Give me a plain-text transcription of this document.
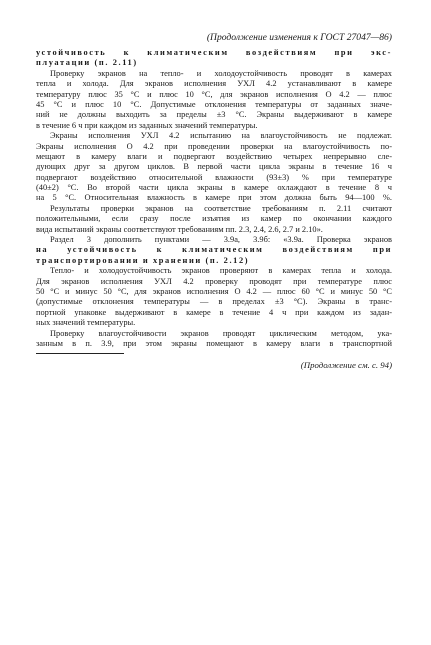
(Продолжение изменения к ГОСТ 27047—86)
устойчивость к климатическим воздействиям при экс-
плуатации (п. 2.11)
Проверку экранов на тепло- и холодоустойчивость проводят в камерах
тепла и холода. Для экранов исполнения УХЛ 4.2 устанавливают в камере
температуру плюс 35 °С и плюс 10 °С, для экранов исполнения О 4.2 — плюс
45 °С и плюс 10 °С. Допустимые отклонения температуры от заданных значе-
ний не должны выходить за пределы ±3 °С. Экраны выдерживают в камере
в течение 6 ч при каждом из заданных значений температуры.
Экраны исполнения УХЛ 4.2 испытанию на влагоустойчивость не подлежат.
Экраны исполнения О 4.2 при проведении проверки на влагоустойчивость по-
мещают в камеру влаги и подвергают воздействию четырех непрерывно сле-
дующих друг за другом циклов. В первой части цикла экраны в течение 16 ч
подвергают воздействию относительной влажности (93±3) % при температуре
(40±2) °С. Во второй части цикла экраны в камере охлаждают в течение 8 ч
на 5 °С. Относительная влажность в камере при этом должна быть 94—100 %.
Результаты проверки экранов на соответствие требованиям п. 2.11 считают
положительными, если сразу после изъятия из камер по окончании каждого
вида испытаний экраны соответствуют требованиям пп. 2.3, 2.4, 2.6, 2.7 и 2.10».
Раздел 3 дополнить пунктами — 3.9а, 3.9б: «3.9а. Проверка экранов
на устойчивость к климатическим воздействиям при
транспортировании и хранении (п. 2.12)
Тепло- и холодоустойчивость экранов проверяют в камерах тепла и холода.
Для экранов исполнения УХЛ 4.2 проверку проводят при температуре плюс
50 °С и минус 50 °С, для экранов исполнения О 4.2 — плюс 60 °С и минус 50 °С
(допустимые отклонения температуры — в пределах ±3 °С). Экраны в транс-
портной упаковке выдерживают в камере в течение 4 ч при каждом из задан-
ных значений температуры.
Проверку влагоустойчивости экранов проводят циклическим методом, ука-
занным в п. 3.9, при этом экраны помещают в камеру влаги в транспортной
(Продолжение см. с. 94)
